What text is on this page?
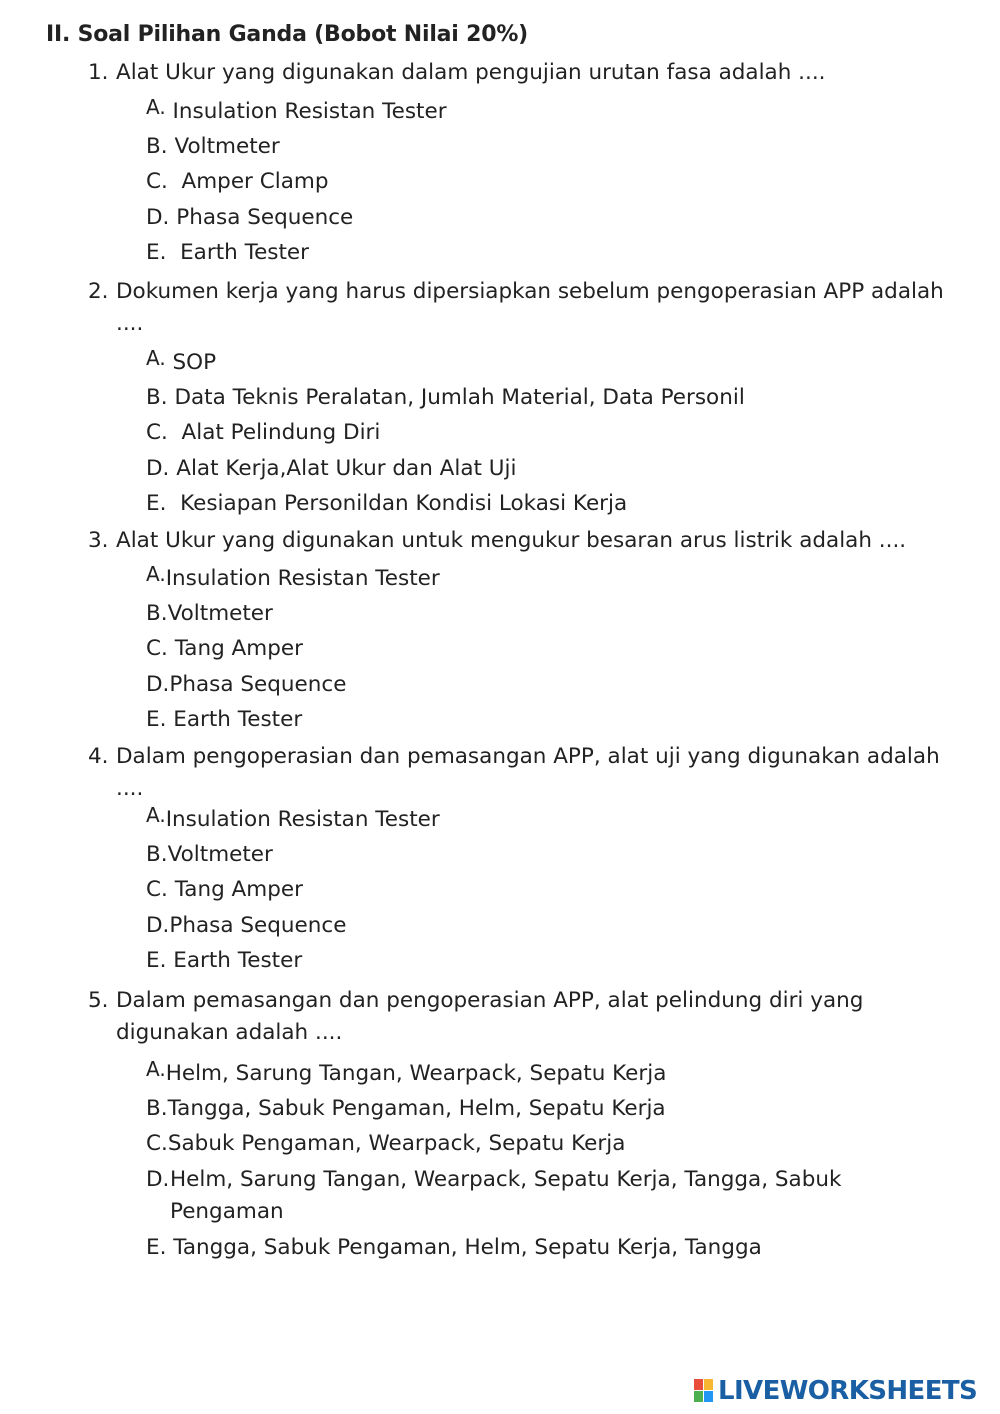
II. Soal Pilihan Ganda (Bobot Nilai 20%)
1. Alat Ukur yang digunakan dalam pengujian urutan fasa adalah ....
A. Insulation Resistan Tester
B. Voltmeter
C. Amper Clamp
D. Phasa Sequence
E. Earth Tester
2. Dokumen kerja yang harus dipersiapkan sebelum pengoperasian APP adalah ....
A. SOP
B. Data Teknis Peralatan, Jumlah Material, Data Personil
C. Alat Pelindung Diri
D. Alat Kerja,Alat Ukur dan Alat Uji
E. Kesiapan Personildan Kondisi Lokasi Kerja
3. Alat Ukur yang digunakan untuk mengukur besaran arus listrik adalah ....
A.Insulation Resistan Tester
B.Voltmeter
C. Tang Amper
D.Phasa Sequence
E. Earth Tester
4. Dalam pengoperasian dan pemasangan APP, alat uji yang digunakan adalah ....
A.Insulation Resistan Tester
B.Voltmeter
C. Tang Amper
D.Phasa Sequence
E. Earth Tester
5. Dalam pemasangan dan pengoperasian APP, alat pelindung diri yang digunakan adalah ....
A.Helm, Sarung Tangan, Wearpack, Sepatu Kerja
B.Tangga, Sabuk Pengaman, Helm, Sepatu Kerja
C.Sabuk Pengaman, Wearpack, Sepatu Kerja
D. Helm, Sarung Tangan, Wearpack, Sepatu Kerja, Tangga, Sabuk Pengaman
E. Tangga, Sabuk Pengaman, Helm, Sepatu Kerja, Tangga
LIVEWORKSHEETS
